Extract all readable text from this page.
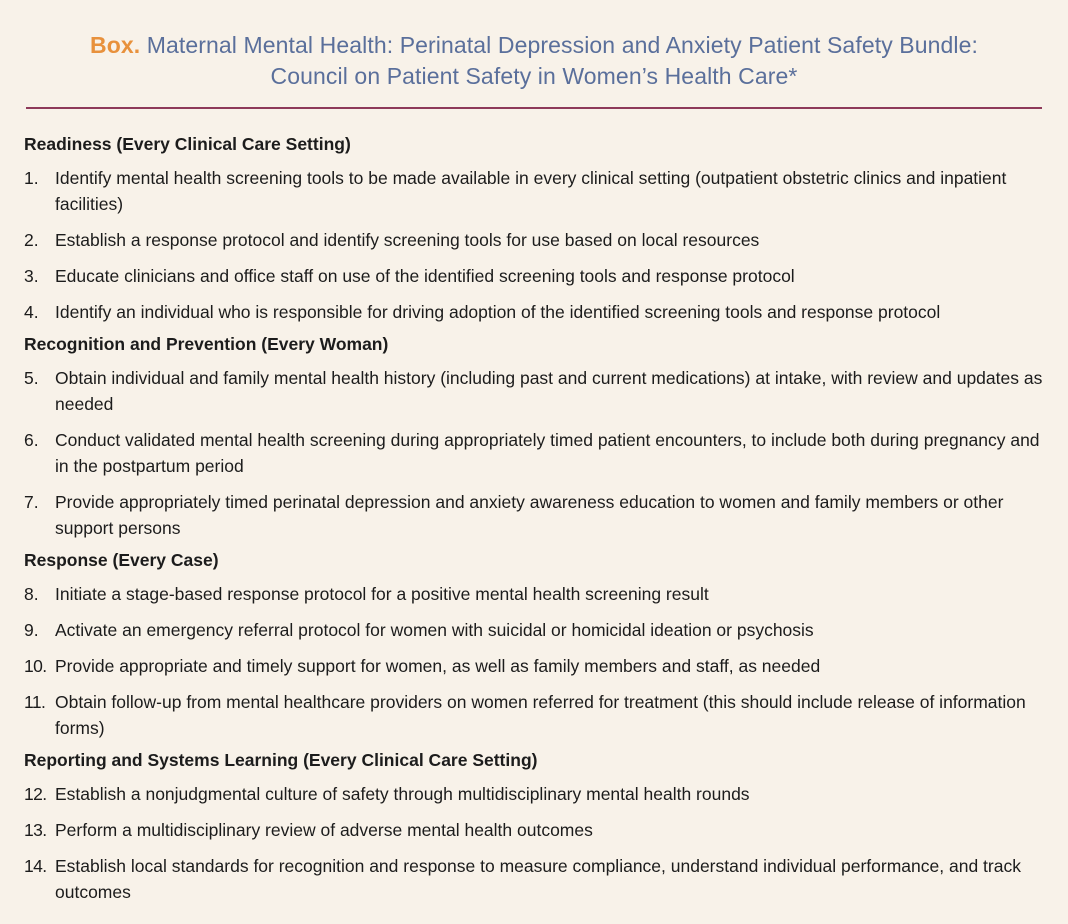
Box. Maternal Mental Health: Perinatal Depression and Anxiety Patient Safety Bundle:
Council on Patient Safety in Women’s Health Care*
Readiness (Every Clinical Care Setting)
1. Identify mental health screening tools to be made available in every clinical setting (outpatient obstetric clinics and inpatient facilities)
2. Establish a response protocol and identify screening tools for use based on local resources
3. Educate clinicians and office staff on use of the identified screening tools and response protocol
4. Identify an individual who is responsible for driving adoption of the identified screening tools and response protocol
Recognition and Prevention (Every Woman)
5. Obtain individual and family mental health history (including past and current medications) at intake, with review and updates as needed
6. Conduct validated mental health screening during appropriately timed patient encounters, to include both during pregnancy and in the postpartum period
7. Provide appropriately timed perinatal depression and anxiety awareness education to women and family members or other support persons
Response (Every Case)
8. Initiate a stage-based response protocol for a positive mental health screening result
9. Activate an emergency referral protocol for women with suicidal or homicidal ideation or psychosis
10. Provide appropriate and timely support for women, as well as family members and staff, as needed
11. Obtain follow-up from mental healthcare providers on women referred for treatment (this should include release of information forms)
Reporting and Systems Learning (Every Clinical Care Setting)
12. Establish a nonjudgmental culture of safety through multidisciplinary mental health rounds
13. Perform a multidisciplinary review of adverse mental health outcomes
14. Establish local standards for recognition and response to measure compliance, understand individual performance, and track outcomes
